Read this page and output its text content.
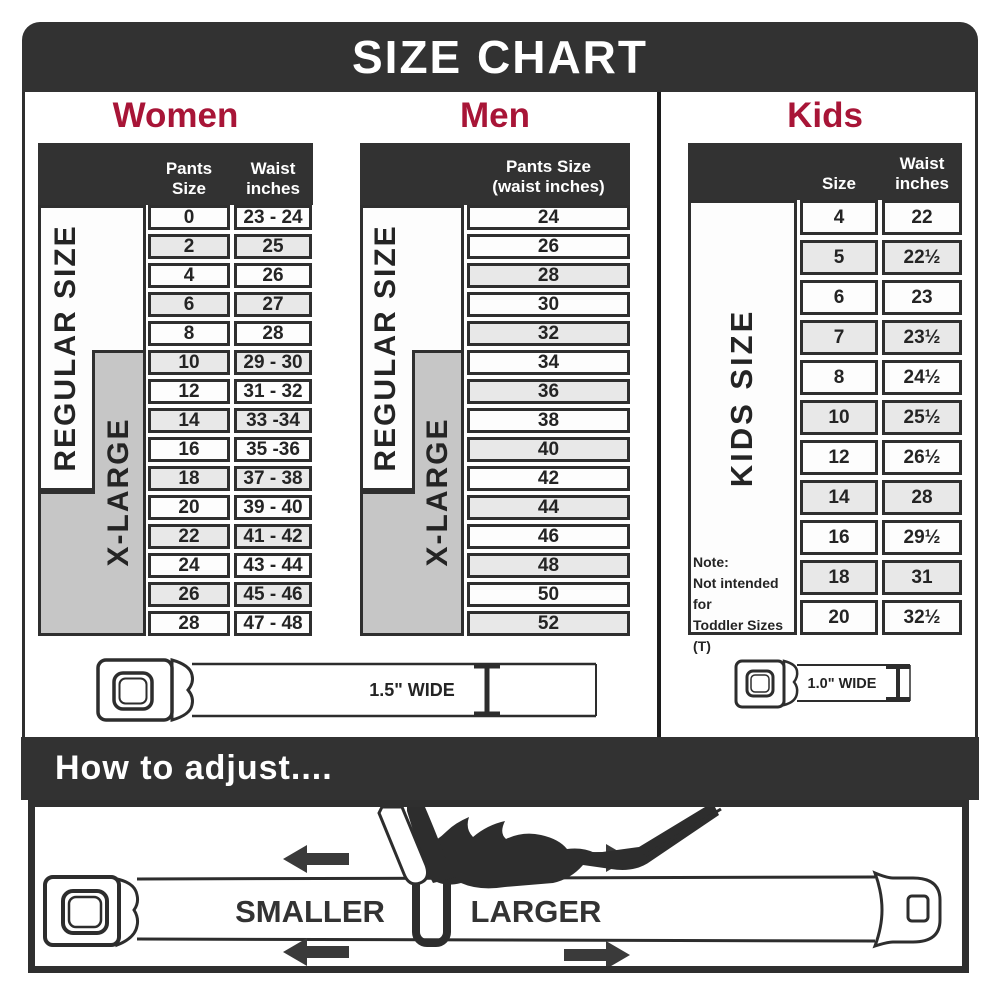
SIZE CHART
Women	Men	Kids
Pants Size
Waist
inches
REGULAR SIZE
X-LARGE
0	23 - 24
2	25
4	26
6	27
8	28
10	29 - 30
12	31 - 32
14	33 -34
16	35 -36
18	37 - 38
20	39 - 40
22	41 - 42
24	43 - 44
26	45 - 46
28	47 - 48
Pants Size
(waist inches)
REGULAR SIZE
X-LARGE
24
26
28
30
32
34
36
38
40
42
44
46
48
50
52
Size
Waist
inches
KIDS SIZE
Note:
Not intended for
Toddler Sizes (T)
4	22
5	22½
6	23
7	23½
8	24½
10	25½
12	26½
14	28
16	29½
18	31
20	32½
1.5" WIDE	1.0" WIDE
How to adjust....
SMALLER	LARGER
